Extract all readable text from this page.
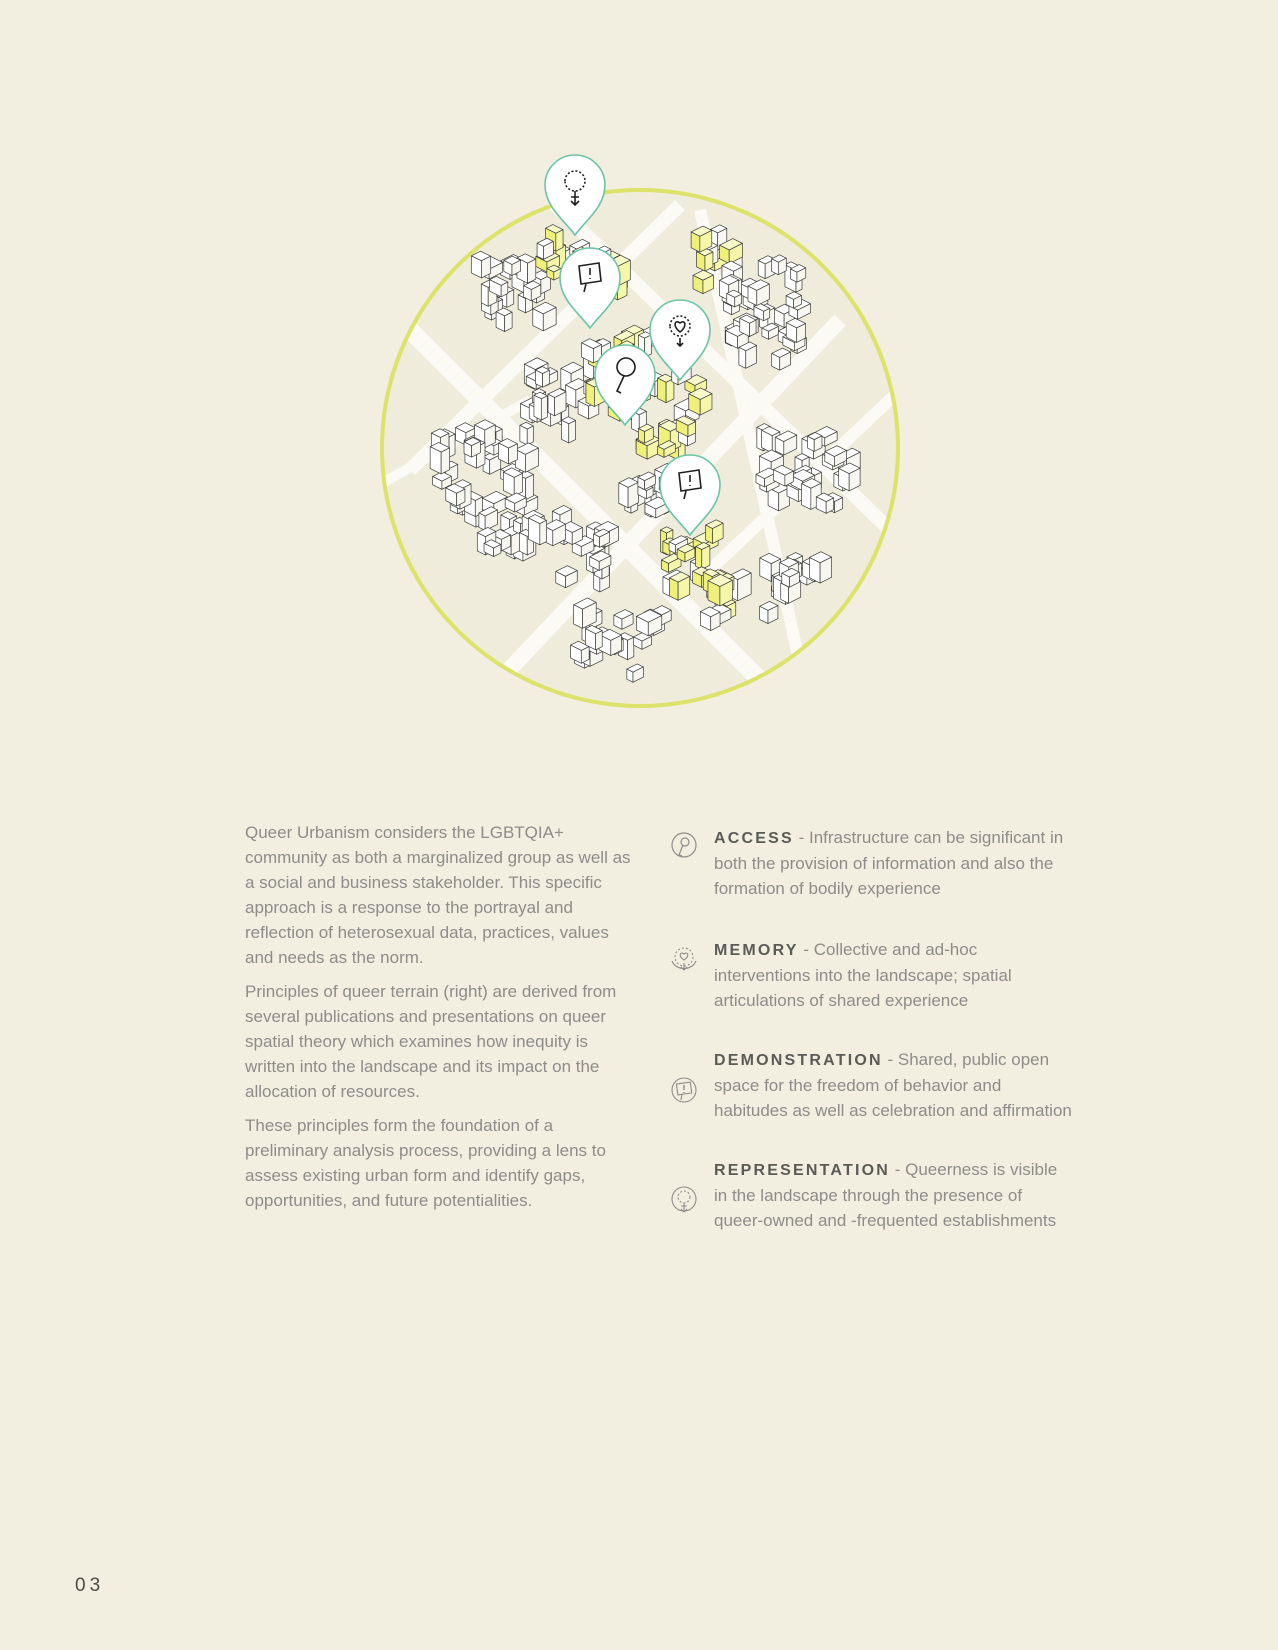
Queer Urbanism considers the LGBTQIA+ community as both a marginalized group as well as a social and business stakeholder. This specific approach is a response to the portrayal and reflection of heterosexual data, practices, values and needs as the norm.

Principles of queer terrain (right) are derived from several publications and presentations on queer spatial theory which examines how inequity is written into the landscape and its impact on the allocation of resources.

These principles form the foundation of a preliminary analysis process, providing a lens to assess existing urban form and identify gaps, opportunities, and future potentialities.

ACCESS - Infrastructure can be significant in both the provision of information and also the formation of bodily experience
MEMORY - Collective and ad-hoc interventions into the landscape; spatial articulations of shared experience
DEMONSTRATION - Shared, public open space for the freedom of behavior and habitudes as well as celebration and affirmation
REPRESENTATION - Queerness is visible in the landscape through the presence of queer-owned and -frequented establishments
03
